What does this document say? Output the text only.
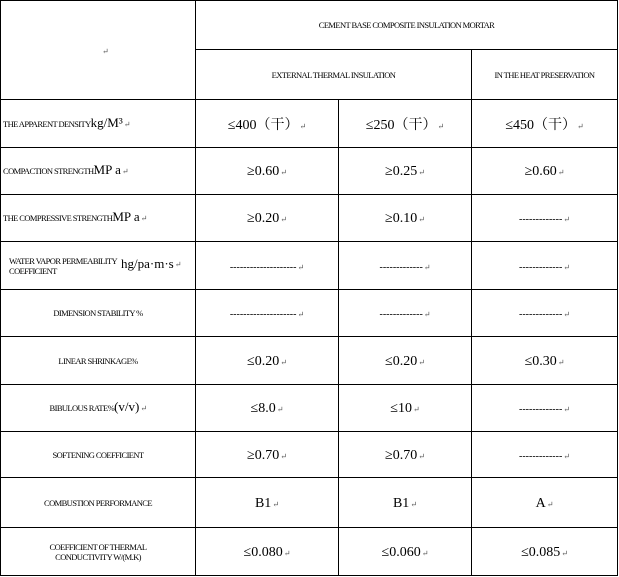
↵	CEMENT BASE COMPOSITE INSULATION MORTAR		
	EXTERNAL THERMAL INSULATION		IN THE HEAT PRESERVATION
THE APPARENT DENSITYkg/M³↵	≤400（干）↵	≤250（干）↵	≤450（干）↵
COMPACTION STRENGTHMP a↵	≥0.60↵	≥0.25↵	≥0.60↵
THE COMPRESSIVE STRENGTHMP a↵	≥0.20↵	≥0.10↵	-------------↵
WATER VAPOR PERMEABILITY COEFFICIENThg/pa·m·s↵	--------------------↵	-------------↵	-------------↵
DIMENSION STABILITY %	--------------------↵	-------------↵	-------------↵
LINEAR SHRINKAGE%	≤0.20↵	≤0.20↵	≤0.30↵
BIBULOUS RATE%(v/v)↵	≤8.0↵	≤10↵	-------------↵
SOFTENING COEFFICIENT	≥0.70↵	≥0.70↵	-------------↵
COMBUSTION PERFORMANCE	B1↵	B1↵	A↵
COEFFICIENT OF THERMAL CONDUCTIVITY W/(M.K)	≤0.080↵	≤0.060↵	≤0.085↵
